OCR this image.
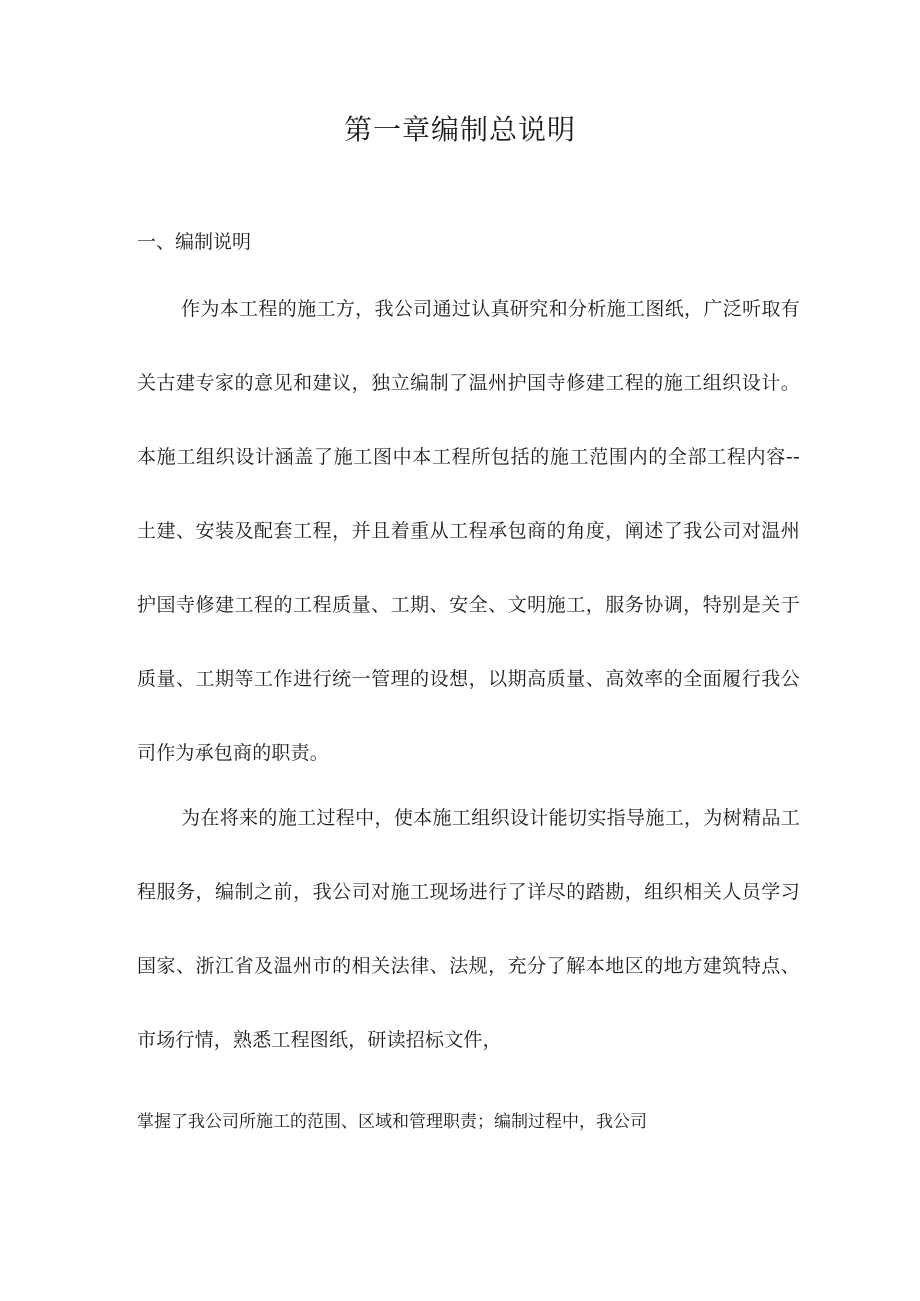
第一章编制总说明
一、编制说明

作为本工程的施工方，我公司通过认真研究和分析施工图纸，广泛听取有关古建专家的意见和建议，独立编制了温州护国寺修建工程的施工组织设计。本施工组织设计涵盖了施工图中本工程所包括的施工范围内的全部工程内容--土建、安装及配套工程，并且着重从工程承包商的角度，阐述了我公司对温州护国寺修建工程的工程质量、工期、安全、文明施工，服务协调，特别是关于质量、工期等工作进行统一管理的设想，以期高质量、高效率的全面履行我公司作为承包商的职责。

为在将来的施工过程中，使本施工组织设计能切实指导施工，为树精品工程服务，编制之前，我公司对施工现场进行了详尽的踏勘，组织相关人员学习国家、浙江省及温州市的相关法律、法规，充分了解本地区的地方建筑特点、市场行情，熟悉工程图纸，研读招标文件，

掌握了我公司所施工的范围、区域和管理职责；编制过程中，我公司
